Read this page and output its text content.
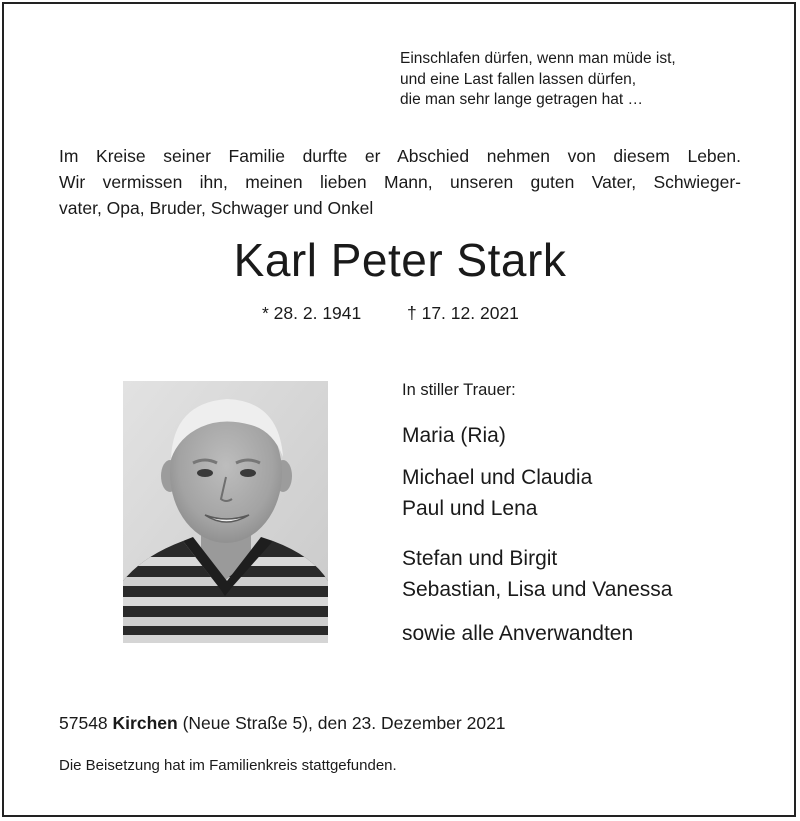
Einschlafen dürfen, wenn man müde ist,
und eine Last fallen lassen dürfen,
die man sehr lange getragen hat …
Im Kreise seiner Familie durfte er Abschied nehmen von diesem Leben.
Wir vermissen ihn, meinen lieben Mann, unseren guten Vater, Schwieger-
vater, Opa, Bruder, Schwager und Onkel
Karl Peter Stark
* 28. 2. 1941	† 17. 12. 2021
In stiller Trauer:
Maria (Ria)
Michael und Claudia
Paul und Lena
Stefan und Birgit
Sebastian, Lisa und Vanessa
sowie alle Anverwandten
57548 Kirchen (Neue Straße 5), den 23. Dezember 2021
Die Beisetzung hat im Familienkreis stattgefunden.
